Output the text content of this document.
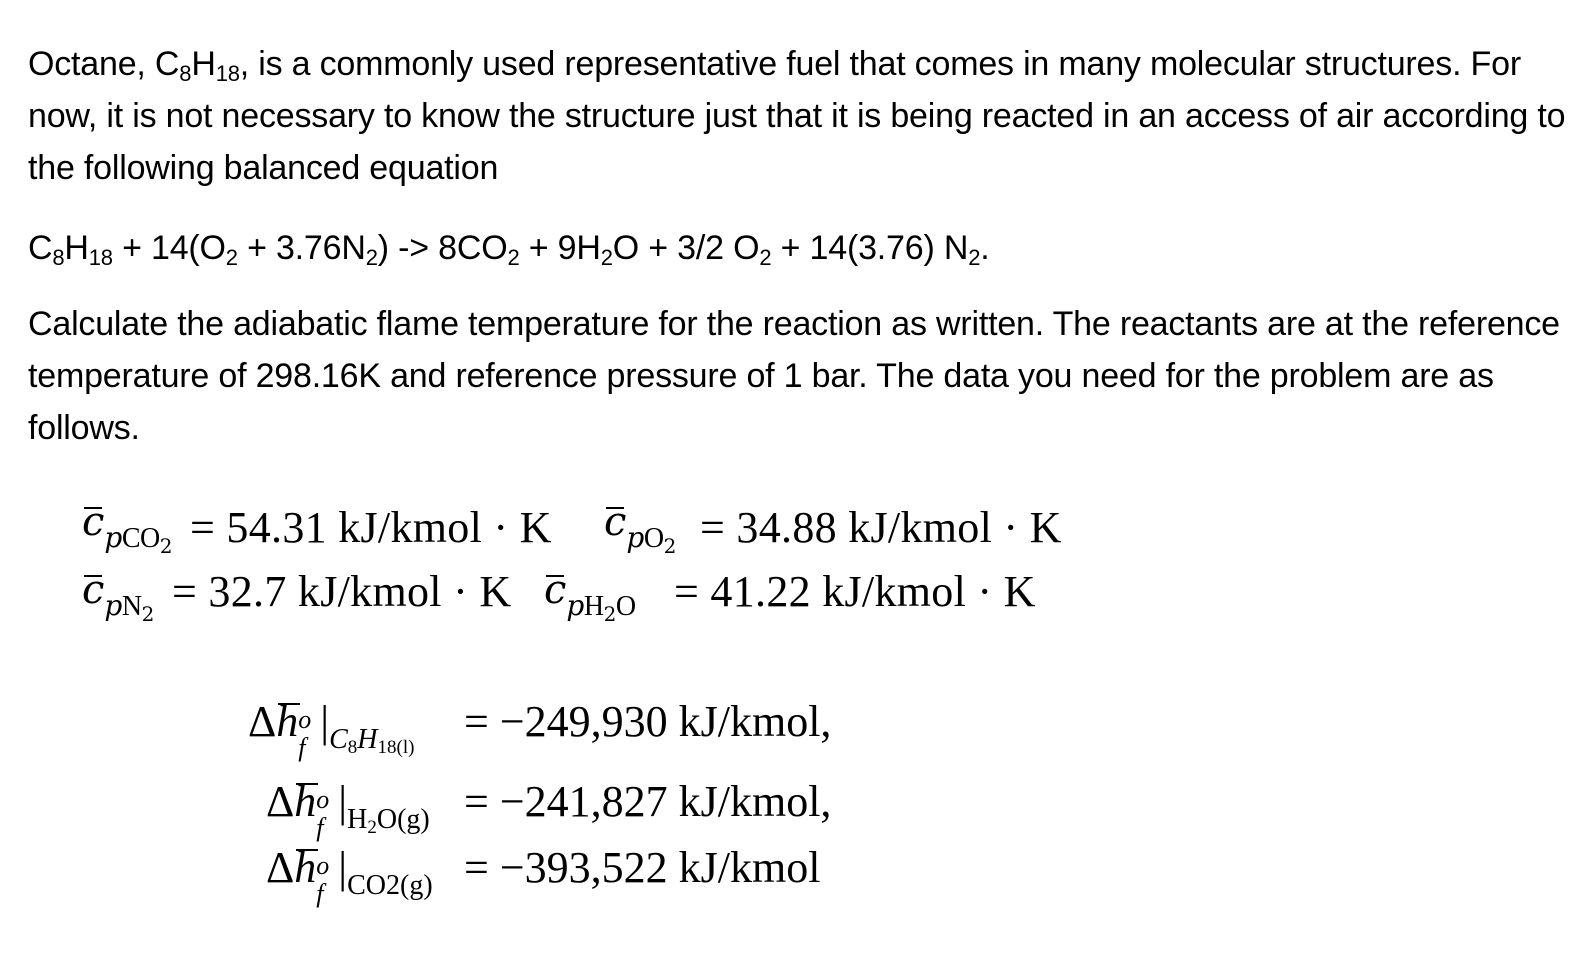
Octane, $C_8H_{18}$, is a commonly used representative fuel that comes in many molecular structures. For now, it is not necessary to know the structure just that it is being reacted in an access of air according to the following balanced equation
$C_8H_{18} + 14(O_2 + 3.76N_2) -> 8CO_2 + 9H_2O + 3/2$ $O_2 + 14(3.76)$ $N_2$.
Calculate the adiabatic flame temperature for the reaction as written. The reactants are at the reference temperature of 298.16K and reference pressure of 1 bar. The data you need for the problem are as follows.
$c_{pCO_2} = 54.31$ kJ/kmol · K $c_{pO_2} = 34.88$ kJ/kmol · K
$c_{pN_2} = 32.7$ kJ/kmol · K $c_{pH_2O} = 41.22$ kJ/kmol · K
Δh o
f
$|_{C_8H_{18(l)}}$
= −249,930 kJ/kmol,
Δh o
f
$|_{H_2O(g)} = -241,827$ kJ/kmol,
Δh o
f
$|_{CO2(g)} = -393,522$ kJ/kmol
